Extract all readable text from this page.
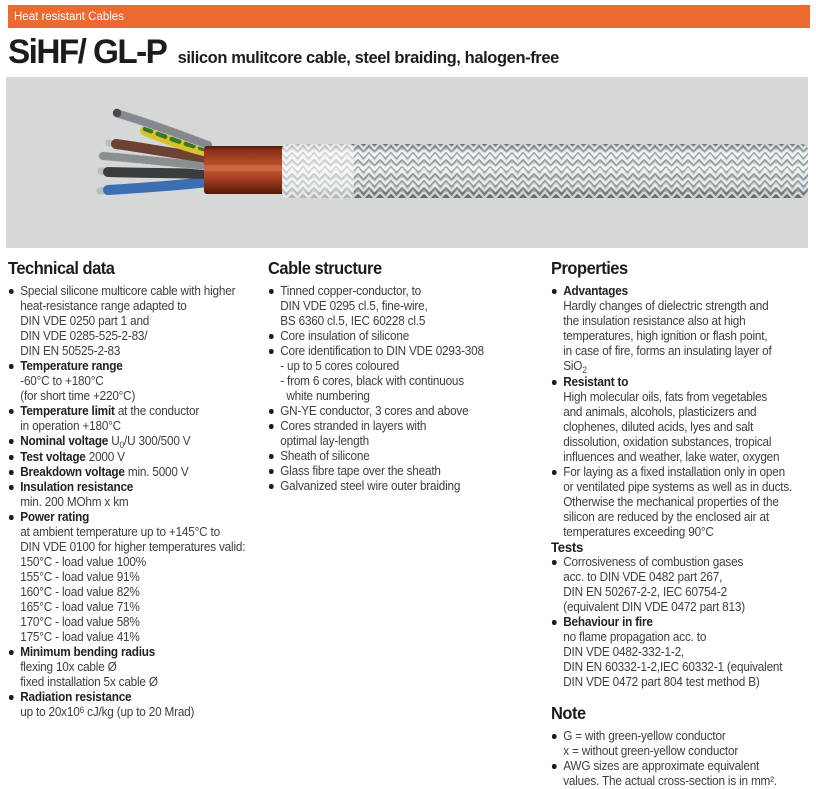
Heat resistant Cables
SiHF/ GL-P silicon mulitcore cable, steel braiding, halogen-free
Technical data
Special silicone multicore cable with higher
heat-resistance range adapted to
DIN VDE 0250 part 1 and
DIN VDE 0285-525-2-83/
DIN EN 50525-2-83
Temperature range
-60°C to +180°C
(for short time +220°C)
Temperature limit at the conductor
in operation +180°C
Nominal voltage $U_0/U$ 300/500 V
Test voltage 2000 V
Breakdown voltage min. 5000 V
Insulation resistance
min. 200 MOhm x km
Power rating
at ambient temperature up to +145°C to
DIN VDE 0100 for higher temperatures valid:
150°C - load value 100%
155°C - load value 91%
160°C - load value 82%
165°C - load value 71%
170°C - load value 58%
175°C - load value 41%
Minimum bending radius
flexing 10x cable Ø
fixed installation 5x cable Ø
Radiation resistance
up to $20x10^6$ cJ/kg (up to 20 Mrad)
Cable structure
Tinned copper-conductor, to
DIN VDE 0295 cl.5, fine-wire,
BS 6360 cl.5, IEC 60228 cl.5
Core insulation of silicone
Core identification to DIN VDE 0293-308
- up to 5 cores coloured
- from 6 cores, black with continuous
white numbering
GN-YE conductor, 3 cores and above
Cores stranded in layers with
optimal lay-length
Sheath of silicone
Glass fibre tape over the sheath
Galvanized steel wire outer braiding
Properties
Advantages
Hardly changes of dielectric strength and
the insulation resistance also at high
temperatures, high ignition or flash point,
in case of fire, forms an insulating layer of
SiO$_2$
Resistant to
High molecular oils, fats from vegetables
and animals, alcohols, plasticizers and
clophenes, diluted acids, lyes and salt
dissolution, oxidation substances, tropical
influences and weather, lake water, oxygen
For laying as a fixed installation only in open
or ventilated pipe systems as well as in ducts.
Otherwise the mechanical properties of the
silicon are reduced by the enclosed air at
temperatures exceeding 90°C
Tests
Corrosiveness of combustion gases
acc. to DIN VDE 0482 part 267,
DIN EN 50267-2-2, IEC 60754-2
(equivalent DIN VDE 0472 part 813)
Behaviour in fire
no flame propagation acc. to
DIN VDE 0482-332-1-2,
DIN EN 60332-1-2,IEC 60332-1 (equivalent
DIN VDE 0472 part 804 test method B)
Note
G = with green-yellow conductor
x = without green-yellow conductor
AWG sizes are approximate equivalent
values. The actual cross-section is in mm².
